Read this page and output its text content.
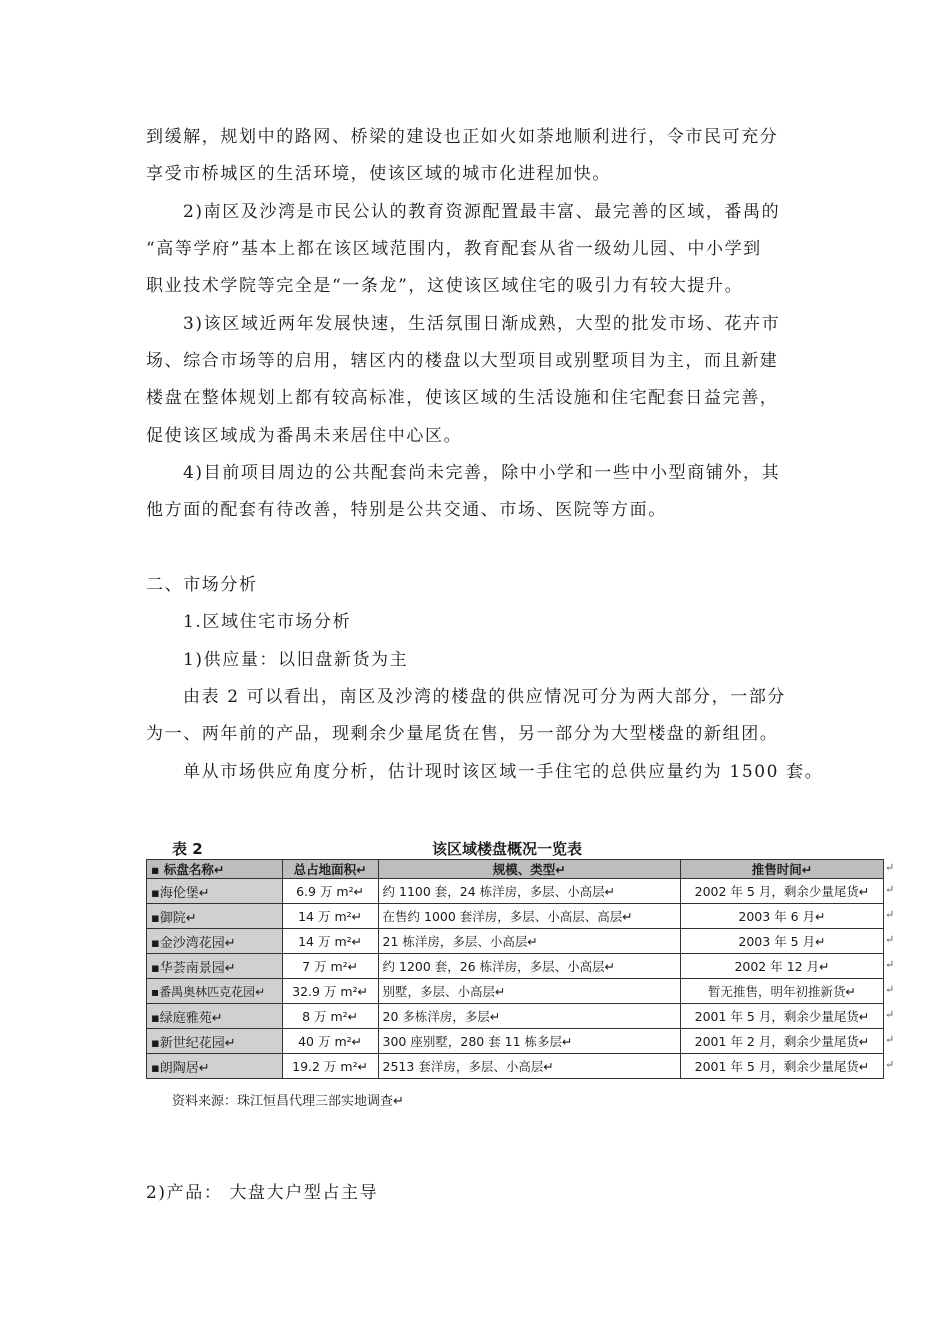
到缓解，规划中的路网、桥梁的建设也正如火如荼地顺利进行，令市民可充分
享受市桥城区的生活环境，使该区域的城市化进程加快。
2)南区及沙湾是市民公认的教育资源配置最丰富、最完善的区域，番禺的
“高等学府”基本上都在该区域范围内，教育配套从省一级幼儿园、中小学到
职业技术学院等完全是“一条龙”，这使该区域住宅的吸引力有较大提升。
3)该区域近两年发展快速，生活氛围日渐成熟，大型的批发市场、花卉市
场、综合市场等的启用，辖区内的楼盘以大型项目或别墅项目为主，而且新建
楼盘在整体规划上都有较高标准，使该区域的生活设施和住宅配套日益完善，
促使该区域成为番禺未来居住中心区。
4)目前项目周边的公共配套尚未完善，除中小学和一些中小型商铺外，其
他方面的配套有待改善，特别是公共交通、市场、医院等方面。
二、市场分析
1.区域住宅市场分析
1)供应量：以旧盘新货为主
由表 2 可以看出，南区及沙湾的楼盘的供应情况可分为两大部分，一部分
为一、两年前的产品，现剩余少量尾货在售，另一部分为大型楼盘的新组团。
单从市场供应角度分析，估计现时该区域一手住宅的总供应量约为 1500 套。
表 2	该区域楼盘概况一览表
▪ 标盘名称↵	总占地面积↵	规模、类型↵	推售时间↵
▪海伦堡↵	6.9 万 m²↵	约 1100 套，24 栋洋房，多层、小高层↵	2002 年 5 月，剩余少量尾货↵
▪御院↵	14 万 m²↵	在售约 1000 套洋房，多层、小高层、高层↵	2003 年 6 月↵
▪金沙湾花园↵	14 万 m²↵	21 栋洋房，多层、小高层↵	2003 年 5 月↵
▪华荟南景园↵	7 万 m²↵	约 1200 套，26 栋洋房，多层、小高层↵	2002 年 12 月↵
▪番禺奥林匹克花园↵	32.9 万 m²↵	别墅，多层、小高层↵	暂无推售，明年初推新货↵
▪绿庭雅苑↵	8 万 m²↵	20 多栋洋房，多层↵	2001 年 5 月，剩余少量尾货↵
▪新世纪花园↵	40 万 m²↵	300 座别墅，280 套 11 栋多层↵	2001 年 2 月，剩余少量尾货↵
▪朗陶居↵	19.2 万 m²↵	2513 套洋房，多层、小高层↵	2001 年 5 月，剩余少量尾货↵
↵
↵
↵
↵
↵
↵
↵
↵
↵
资料来源：珠江恒昌代理三部实地调查↵
2)产品： 大盘大户型占主导
